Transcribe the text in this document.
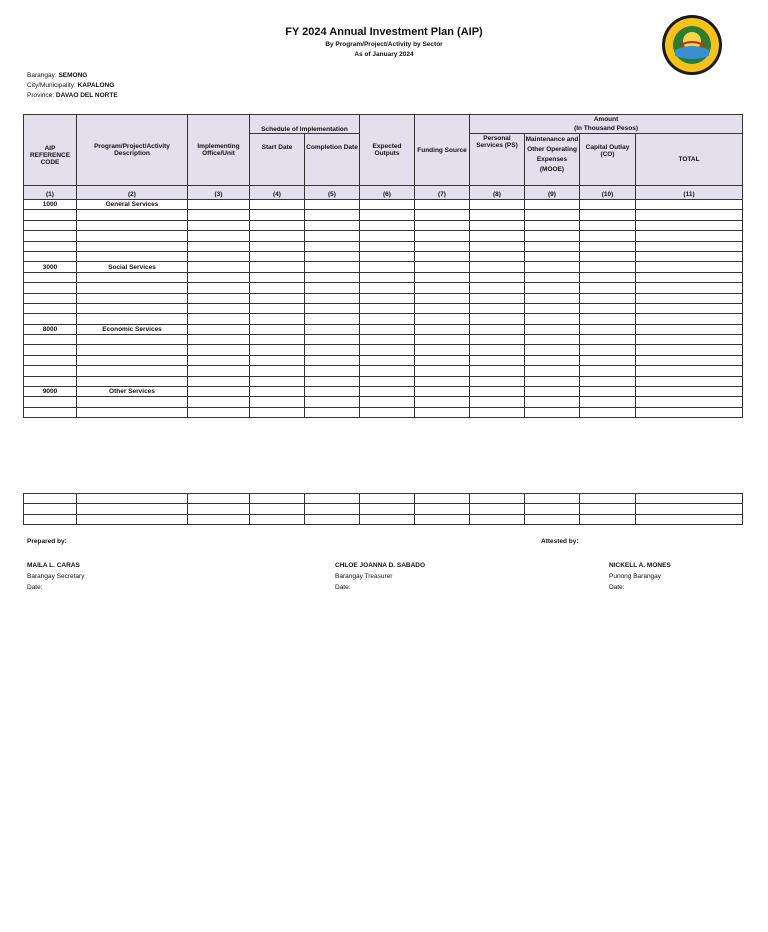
FY 2024 Annual Investment Plan (AIP)
By Program/Project/Activity by Sector
As of January 2024
Barangay: SEMONG
City/Municipality: KAPALONG
Province: DAVAO DEL NORTE
AIP REFERENCE CODE	Program/Project/Activity Description	Implementing Office/Unit	Schedule of Implementation		Expected Outputs	Funding Source	Amount
(In Thousand Pesos)			

			Start Date	Completion Date			Personal Services (PS)	Maintenance and Other Operating Expenses (MOOE)	Capital Outlay (CO)	TOTAL

(1)	(2)	(3)	(4)	(5)	(6)	(7)	(8)	(9)	(10)	(11)
1000	General Services									

3000	Social Services									

8000	Economic Services									

9000	Other Services									

Prepared by:	Attested by:
MAILA L. CARAS
Barangay Secretary
Date:
CHLOE JOANNA D. SABADO
Barangay Treasurer
Date:
NICKELL A. MONES
Punong Barangay
Date:
